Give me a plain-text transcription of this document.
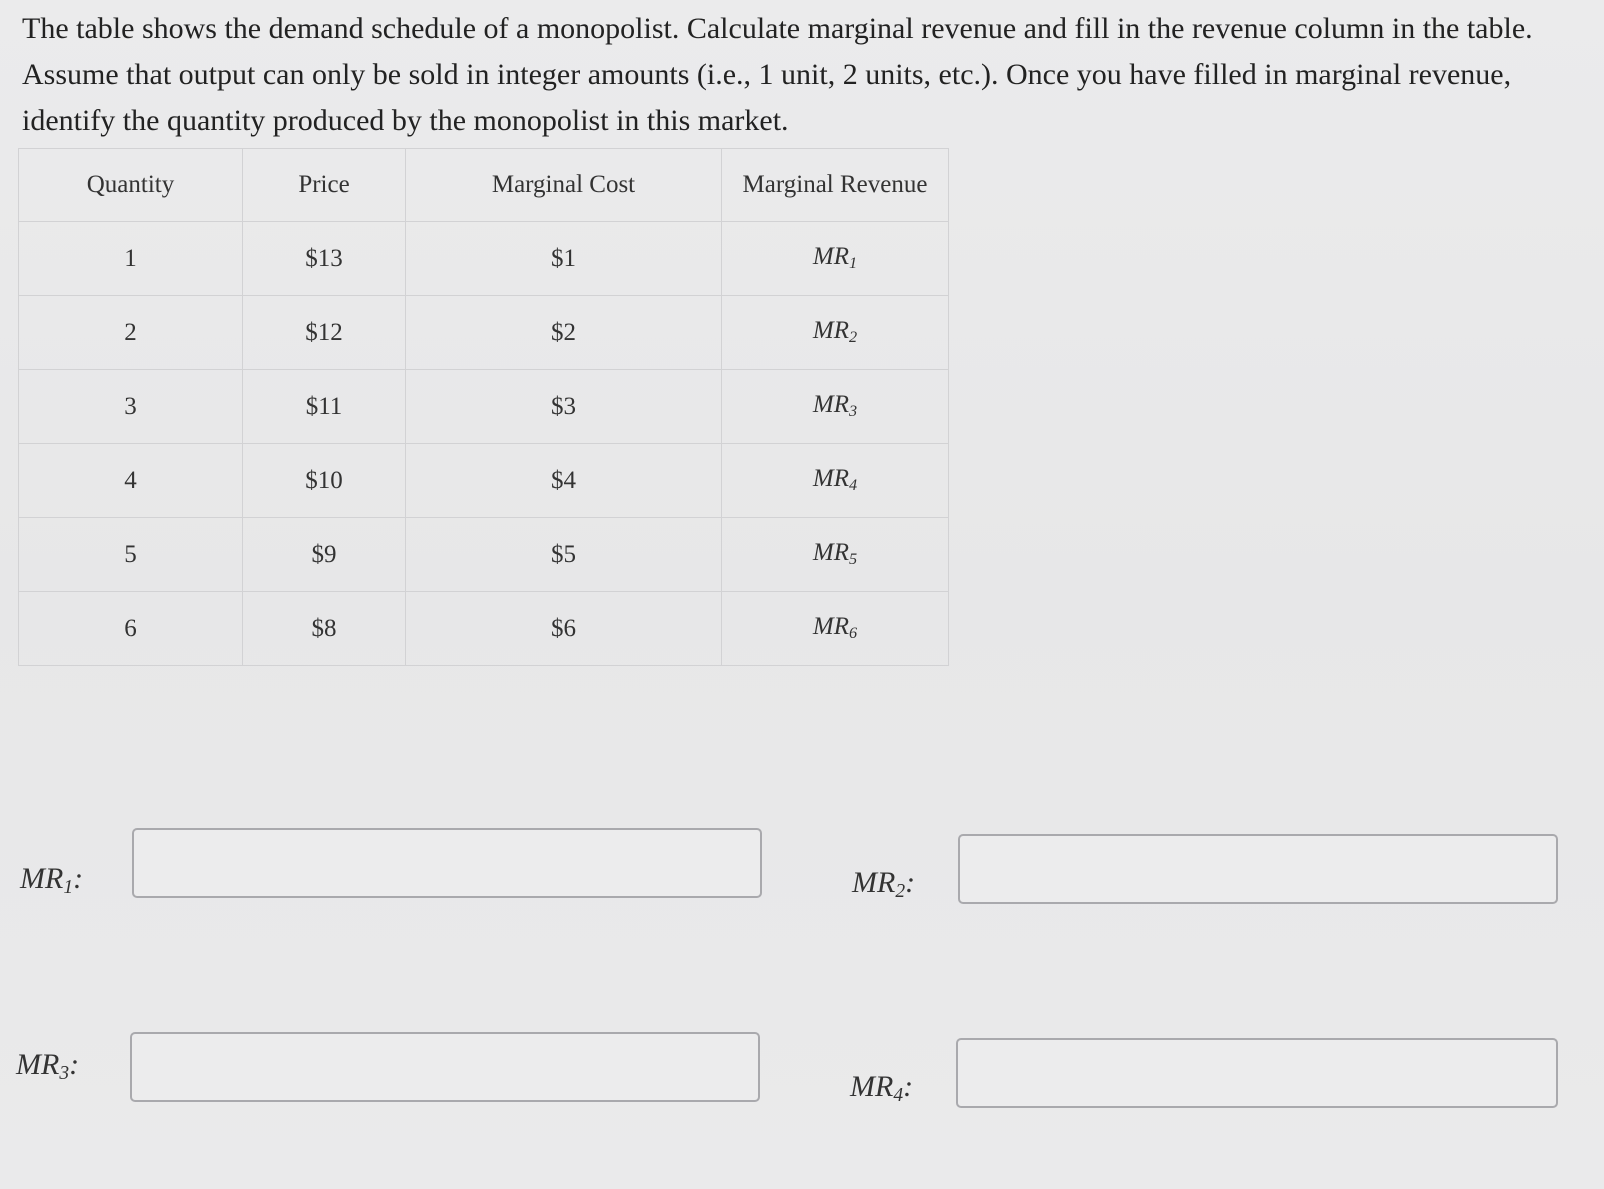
The table shows the demand schedule of a monopolist. Calculate marginal revenue and fill in the revenue column in the table.
Assume that output can only be sold in integer amounts (i.e., 1 unit, 2 units, etc.). Once you have filled in marginal revenue,
identify the quantity produced by the monopolist in this market.
Quantity	Price	Marginal Cost	Marginal Revenue
1	$13	$1	$MR_1$
2	$12	$2	$MR_2$
3	$11	$3	$MR_3$
4	$10	$4	$MR_4$
5	$9	$5	$MR_5$
6	$8	$6	$MR_6$
$MR_1$:	$MR_2$:
$MR_3$:
$MR_4$:
